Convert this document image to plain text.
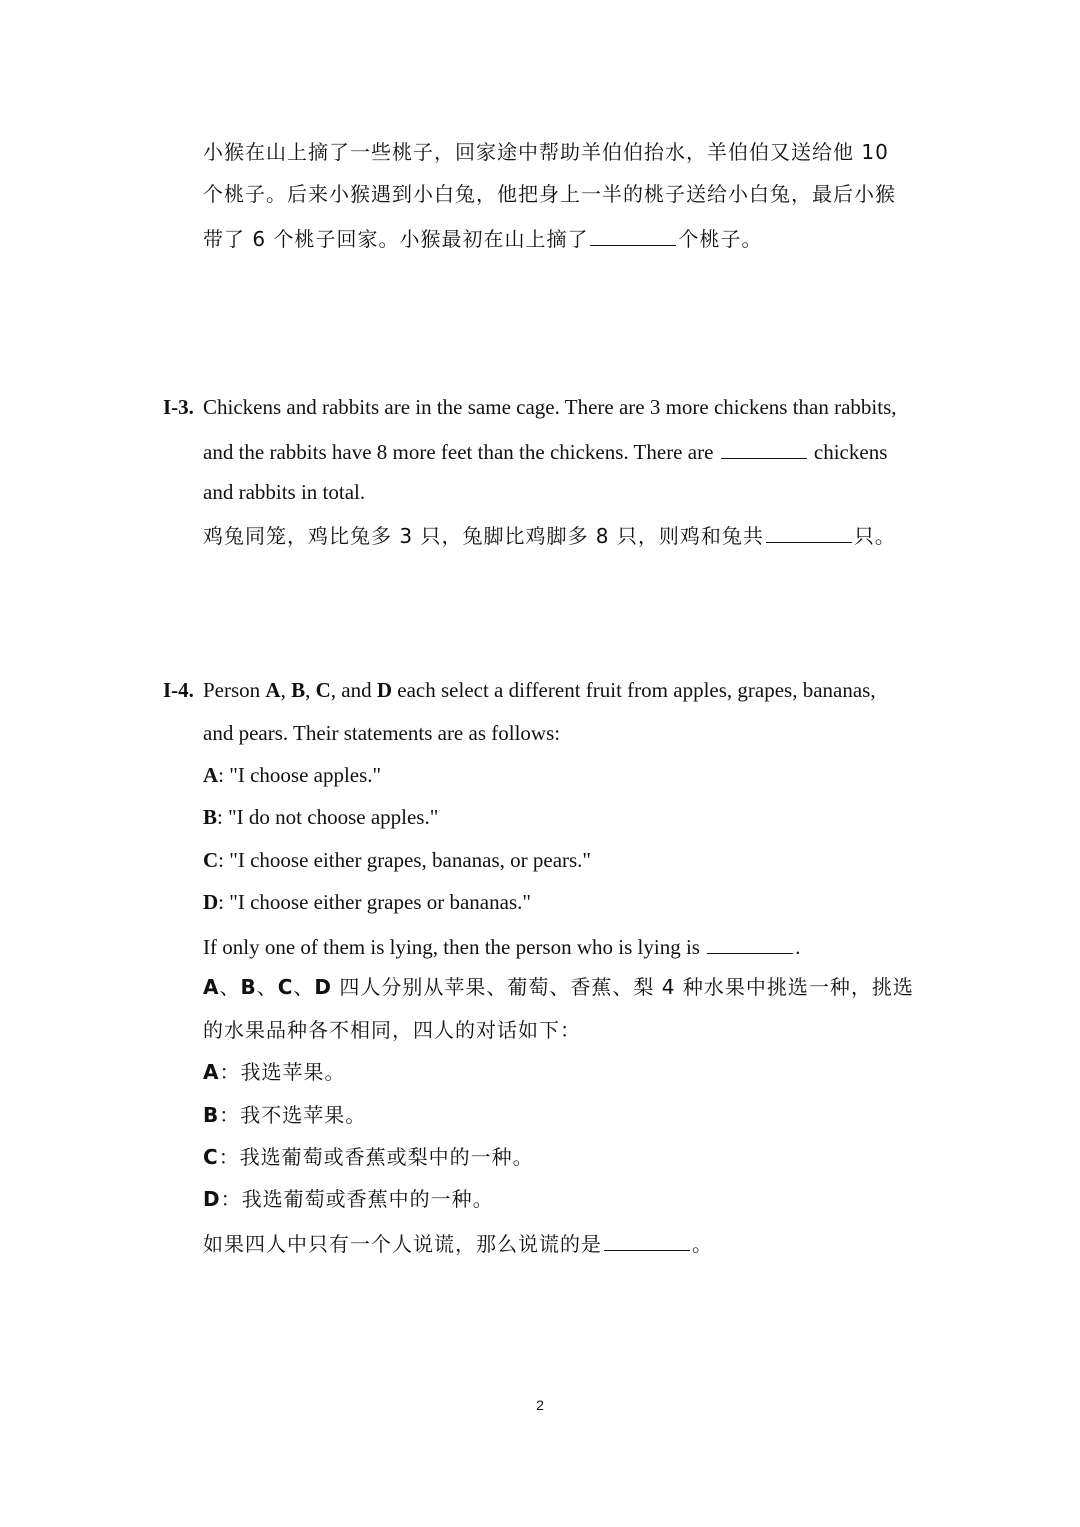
小猴在山上摘了一些桃子，回家途中帮助羊伯伯抬水，羊伯伯又送给他 10
个桃子。后来小猴遇到小白兔，他把身上一半的桃子送给小白兔，最后小猴
带了 6 个桃子回家。小猴最初在山上摘了	个桃子。
I-3. Chickens and rabbits are in the same cage. There are 3 more chickens than rabbits,
and the rabbits have 8 more feet than the chickens. There are	chickens
and rabbits in total.
鸡兔同笼，鸡比兔多 3 只，兔脚比鸡脚多 8 只，则鸡和兔共	只。
I-4. Person A, B, C, and D each select a different fruit from apples, grapes, bananas,
and pears. Their statements are as follows:
A: "I choose apples."
B: "I do not choose apples."
C: "I choose either grapes, bananas, or pears."
D: "I choose either grapes or bananas."
If only one of them is lying, then the person who is lying is	.
A、B、C、D 四人分别从苹果、葡萄、香蕉、梨 4 种水果中挑选一种，挑选
的水果品种各不相同，四人的对话如下：
A：我选苹果。
B：我不选苹果。
C：我选葡萄或香蕉或梨中的一种。
D：我选葡萄或香蕉中的一种。
如果四人中只有一个人说谎，那么说谎的是	。
2
